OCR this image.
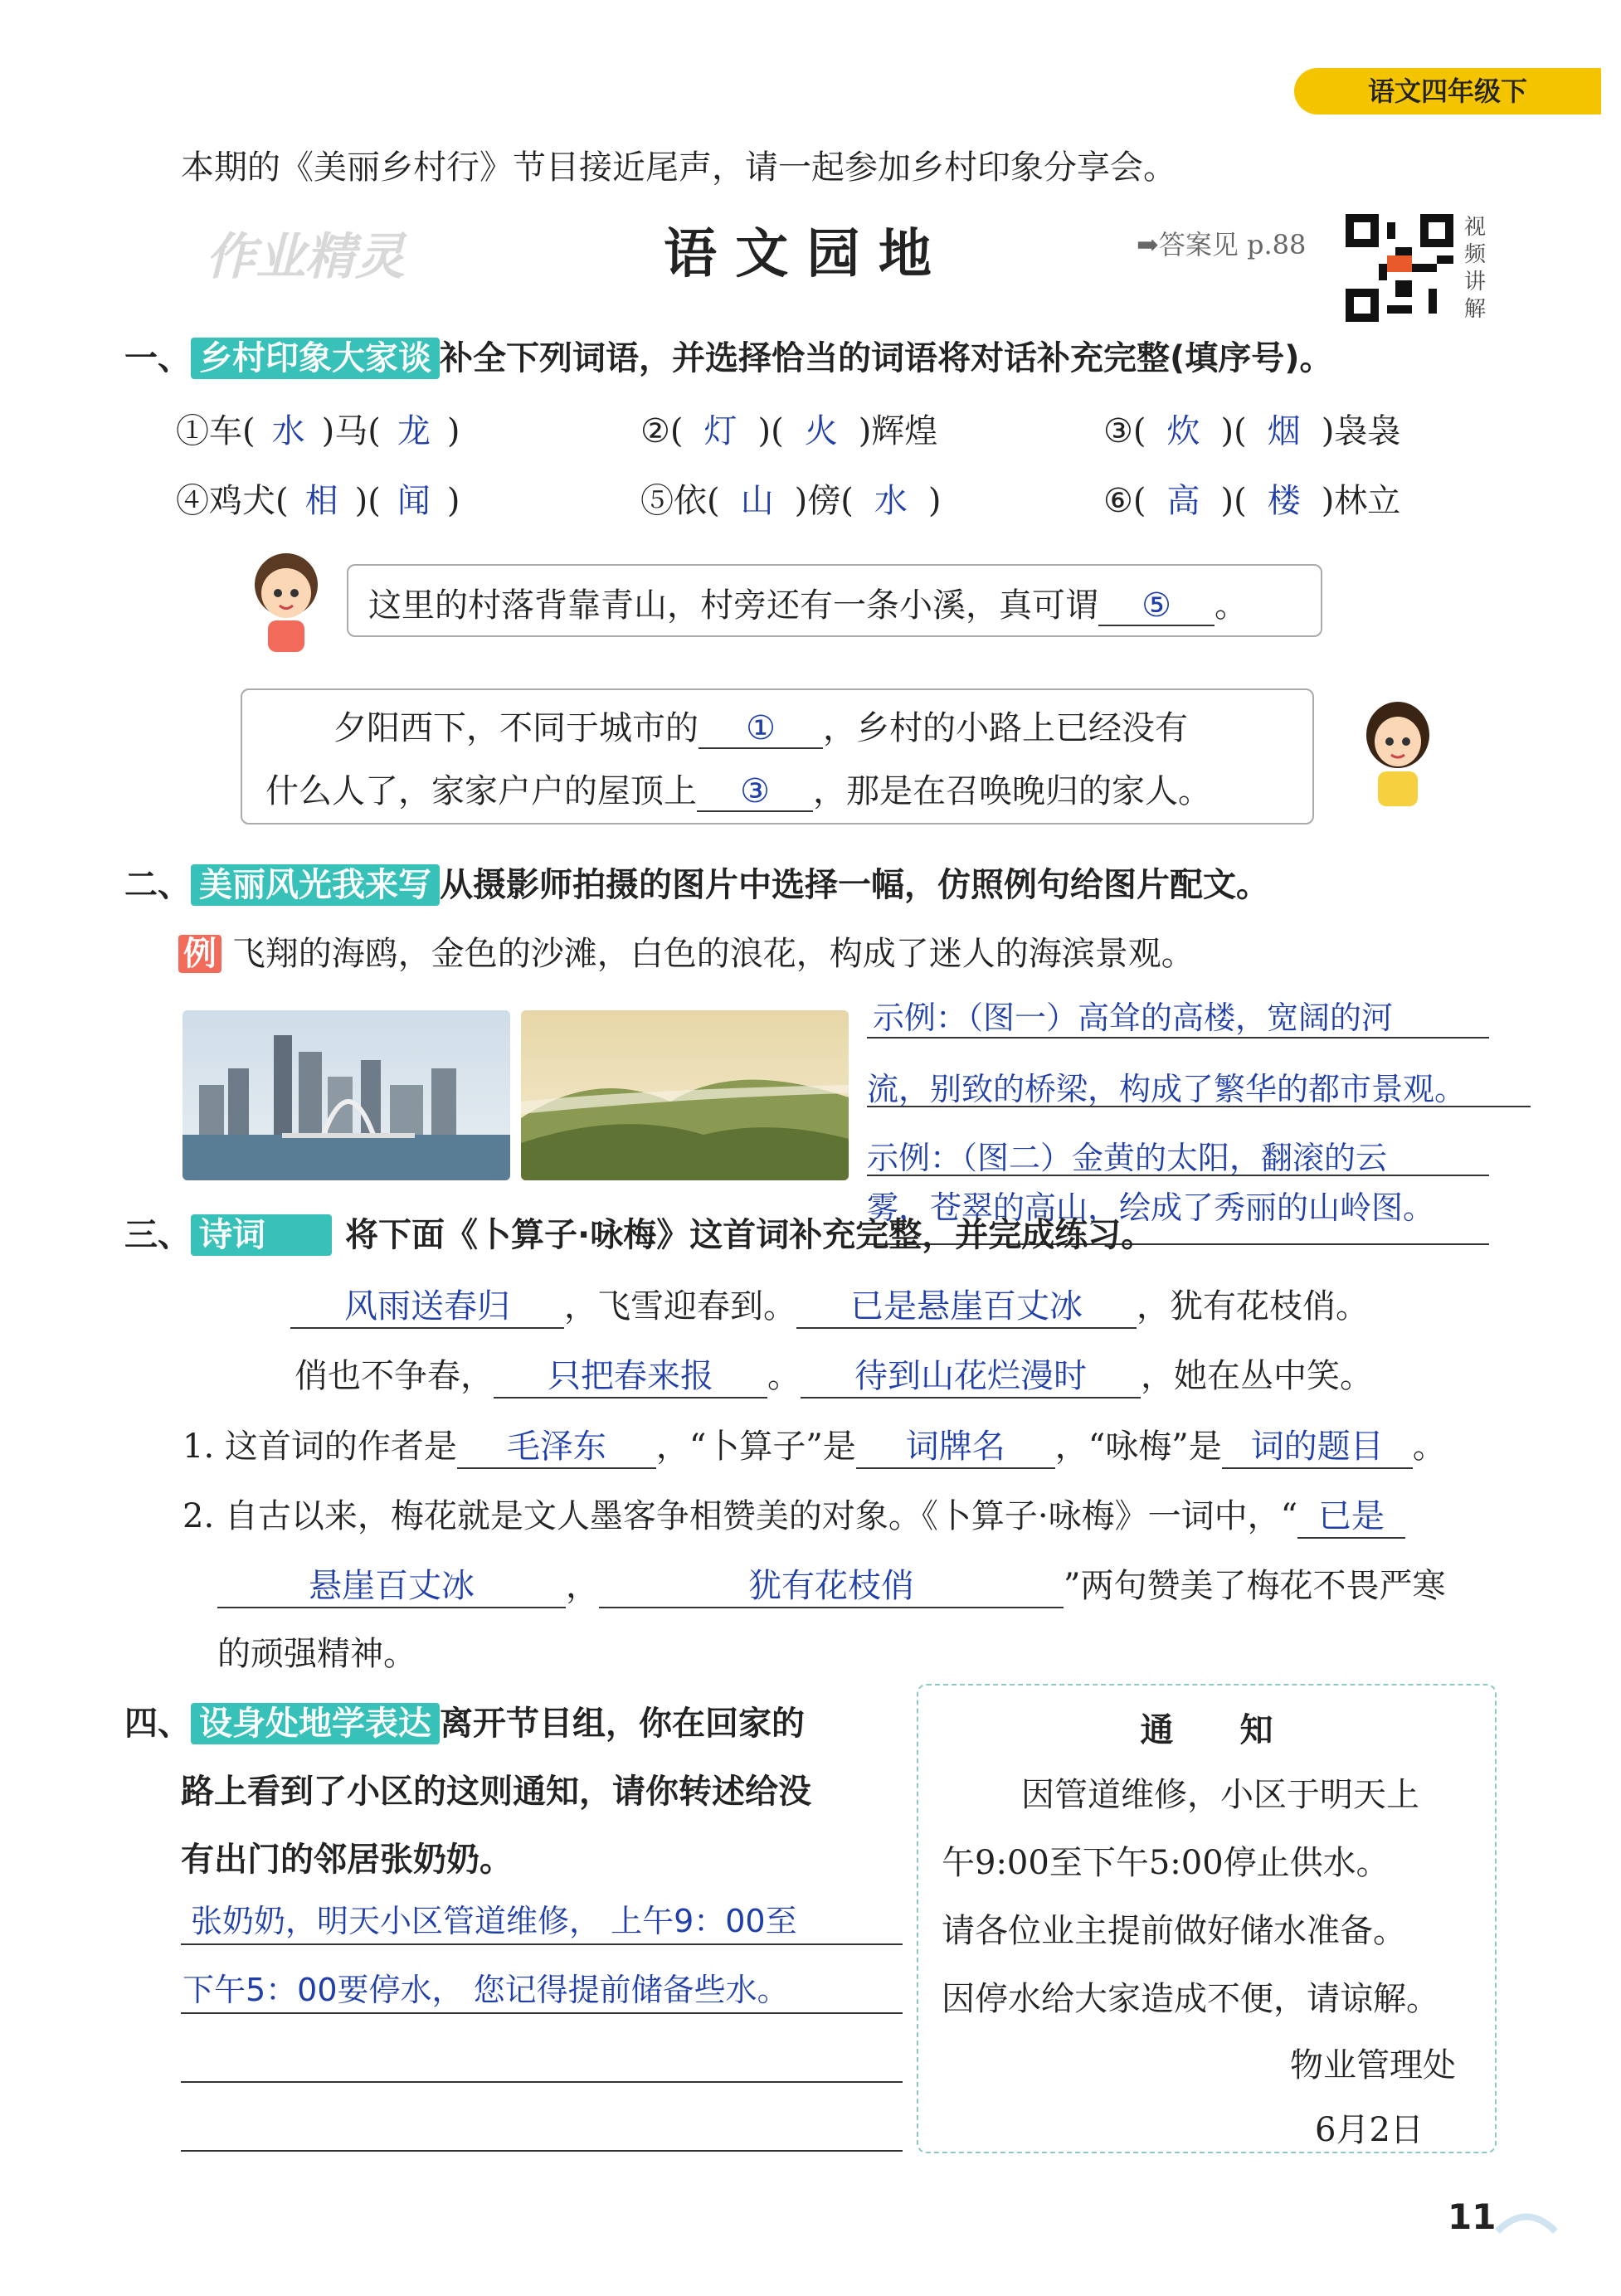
语文四年级下
本期的《美丽乡村行》节目接近尾声，请一起参加乡村印象分享会。
作业精灵	语 文 园 地	➡答案见 p.88
视
频
讲
解
一、 乡村印象大家谈 补全下列词语，并选择恰当的词语将对话补充完整(填序号)。
①车( 水 )马( 龙 )	②( 灯 )( 火 )辉煌	③( 炊 )( 烟 )袅袅
④鸡犬( 相 )( 闻 )	⑤依( 山 )傍( 水 )	⑥( 高 )( 楼 )林立
这里的村落背靠青山，村旁还有一条小溪，真可谓 ⑤ 。
夕阳西下，不同于城市的 ① ，乡村的小路上已经没有
什么人了，家家户户的屋顶上 ③ ，那是在召唤晚归的家人。
二、 美丽风光我来写 从摄影师拍摄的图片中选择一幅，仿照例句给图片配文。
例 飞翔的海鸥，金色的沙滩，白色的浪花，构成了迷人的海滨景观。
示例：（图一）高耸的高楼，宽阔的河
流，别致的桥梁，构成了繁华的都市景观。
示例：（图二）金黄的太阳，翻滚的云
雾，苍翠的高山，绘成了秀丽的山岭图。
三、 诗词 将下面《卜算子·咏梅》这首词补充完整，并完成练习。
风雨送春归 ，飞雪迎春到。 已是悬崖百丈冰 ，犹有花枝俏。
俏也不争春， 只把春来报 。 待到山花烂漫时 ，她在丛中笑。
1. 这首词的作者是 毛泽东 ，“卜算子”是 词牌名 ，“咏梅”是 词的题目 。
2. 自古以来，梅花就是文人墨客争相赞美的对象。《卜算子·咏梅》一词中，“ 已是
悬崖百丈冰	，	犹有花枝俏	”两句赞美了梅花不畏严寒
的顽强精神。
四、 设身处地学表达 离开节目组，你在回家的
路上看到了小区的这则通知，请你转述给没
有出门的邻居张奶奶。
张奶奶，明天小区管道维修， 上午9：00至
下午5：00要停水， 您记得提前储备些水。
通　　知
因管道维修，小区于明天上
午9:00至下午5:00停止供水。
请各位业主提前做好储水准备。
因停水给大家造成不便，请谅解。
物业管理处
6月2日
11
